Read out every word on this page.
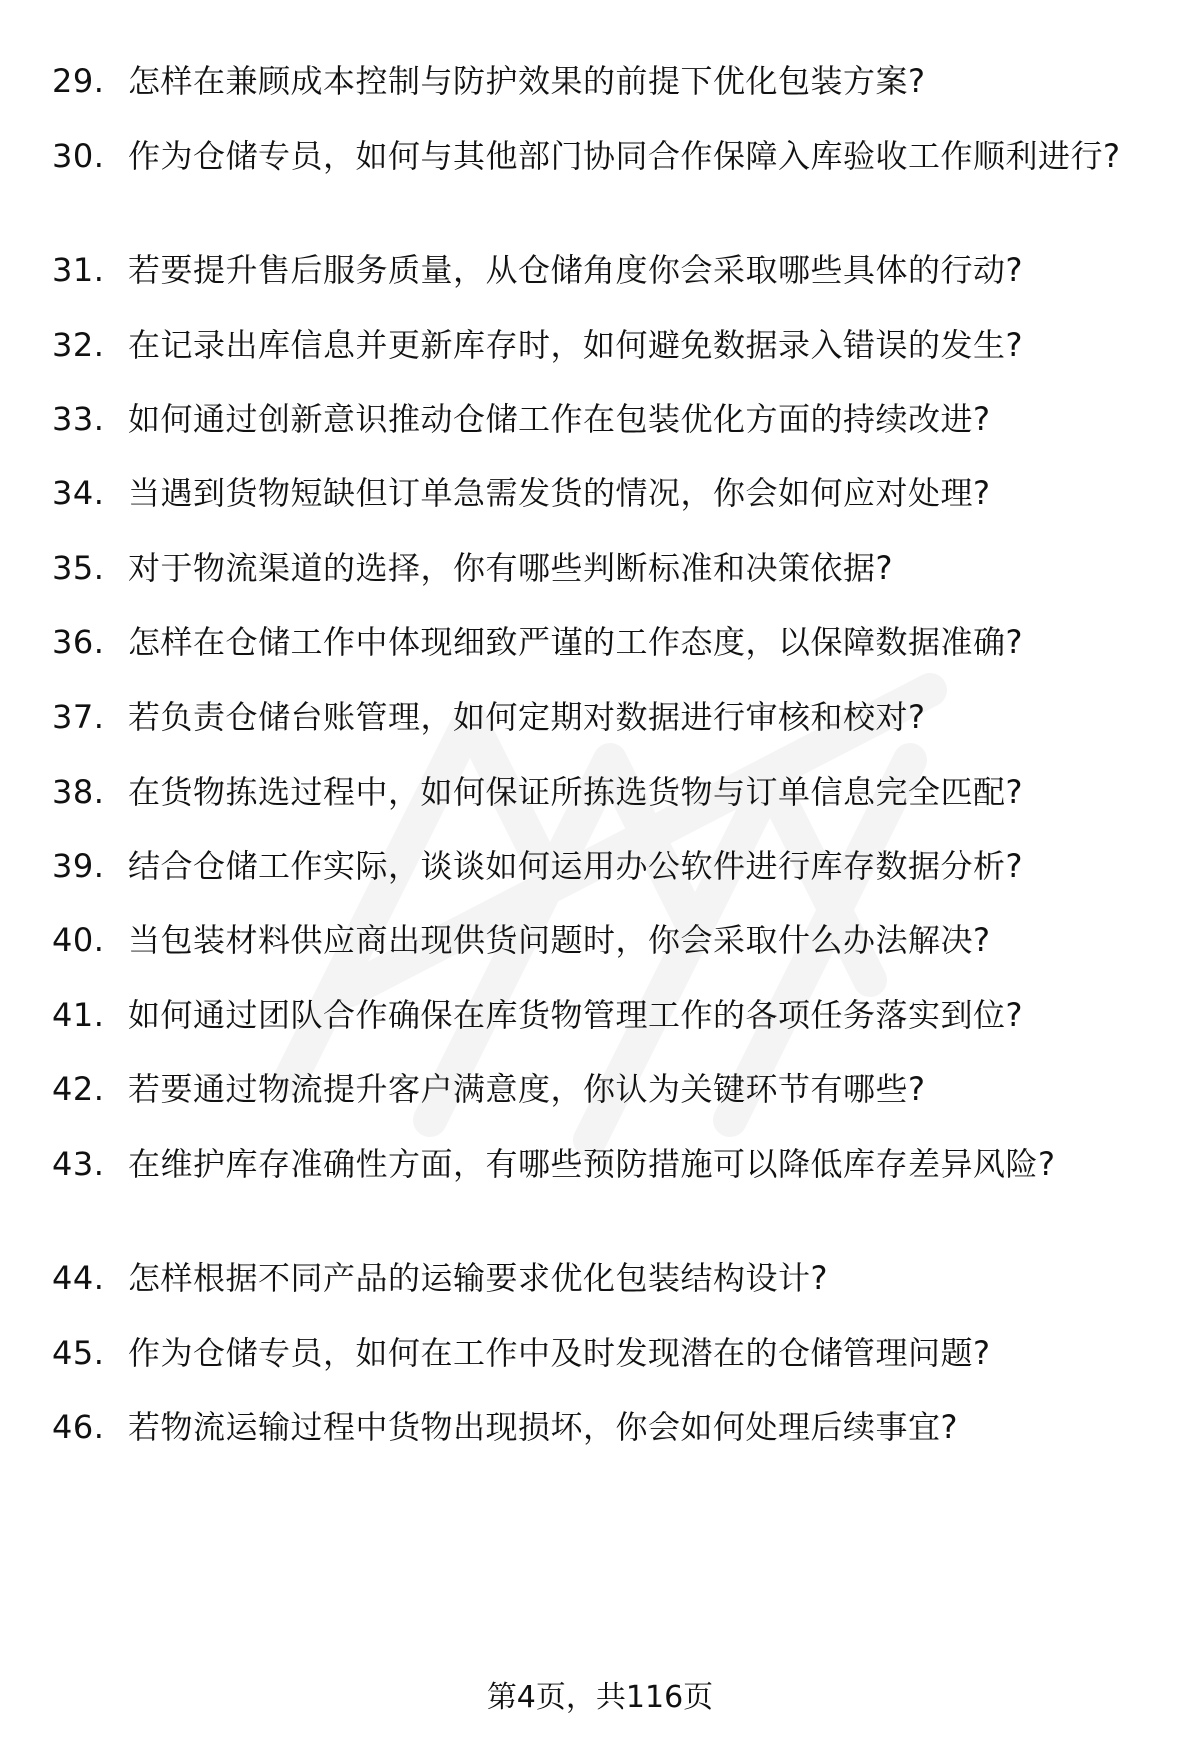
29. 怎样在兼顾成本控制与防护效果的前提下优化包装方案?
30. 作为仓储专员，如何与其他部门协同合作保障入库验收工作顺利进行?
31. 若要提升售后服务质量，从仓储角度你会采取哪些具体的行动?
32. 在记录出库信息并更新库存时，如何避免数据录入错误的发生?
33. 如何通过创新意识推动仓储工作在包装优化方面的持续改进?
34. 当遇到货物短缺但订单急需发货的情况，你会如何应对处理?
35. 对于物流渠道的选择，你有哪些判断标准和决策依据?
36. 怎样在仓储工作中体现细致严谨的工作态度，以保障数据准确?
37. 若负责仓储台账管理，如何定期对数据进行审核和校对?
38. 在货物拣选过程中，如何保证所拣选货物与订单信息完全匹配?
39. 结合仓储工作实际，谈谈如何运用办公软件进行库存数据分析?
40. 当包装材料供应商出现供货问题时，你会采取什么办法解决?
41. 如何通过团队合作确保在库货物管理工作的各项任务落实到位?
42. 若要通过物流提升客户满意度，你认为关键环节有哪些?
43. 在维护库存准确性方面，有哪些预防措施可以降低库存差异风险?
44. 怎样根据不同产品的运输要求优化包装结构设计?
45. 作为仓储专员，如何在工作中及时发现潜在的仓储管理问题?
46. 若物流运输过程中货物出现损坏，你会如何处理后续事宜?
第4页，共116页
